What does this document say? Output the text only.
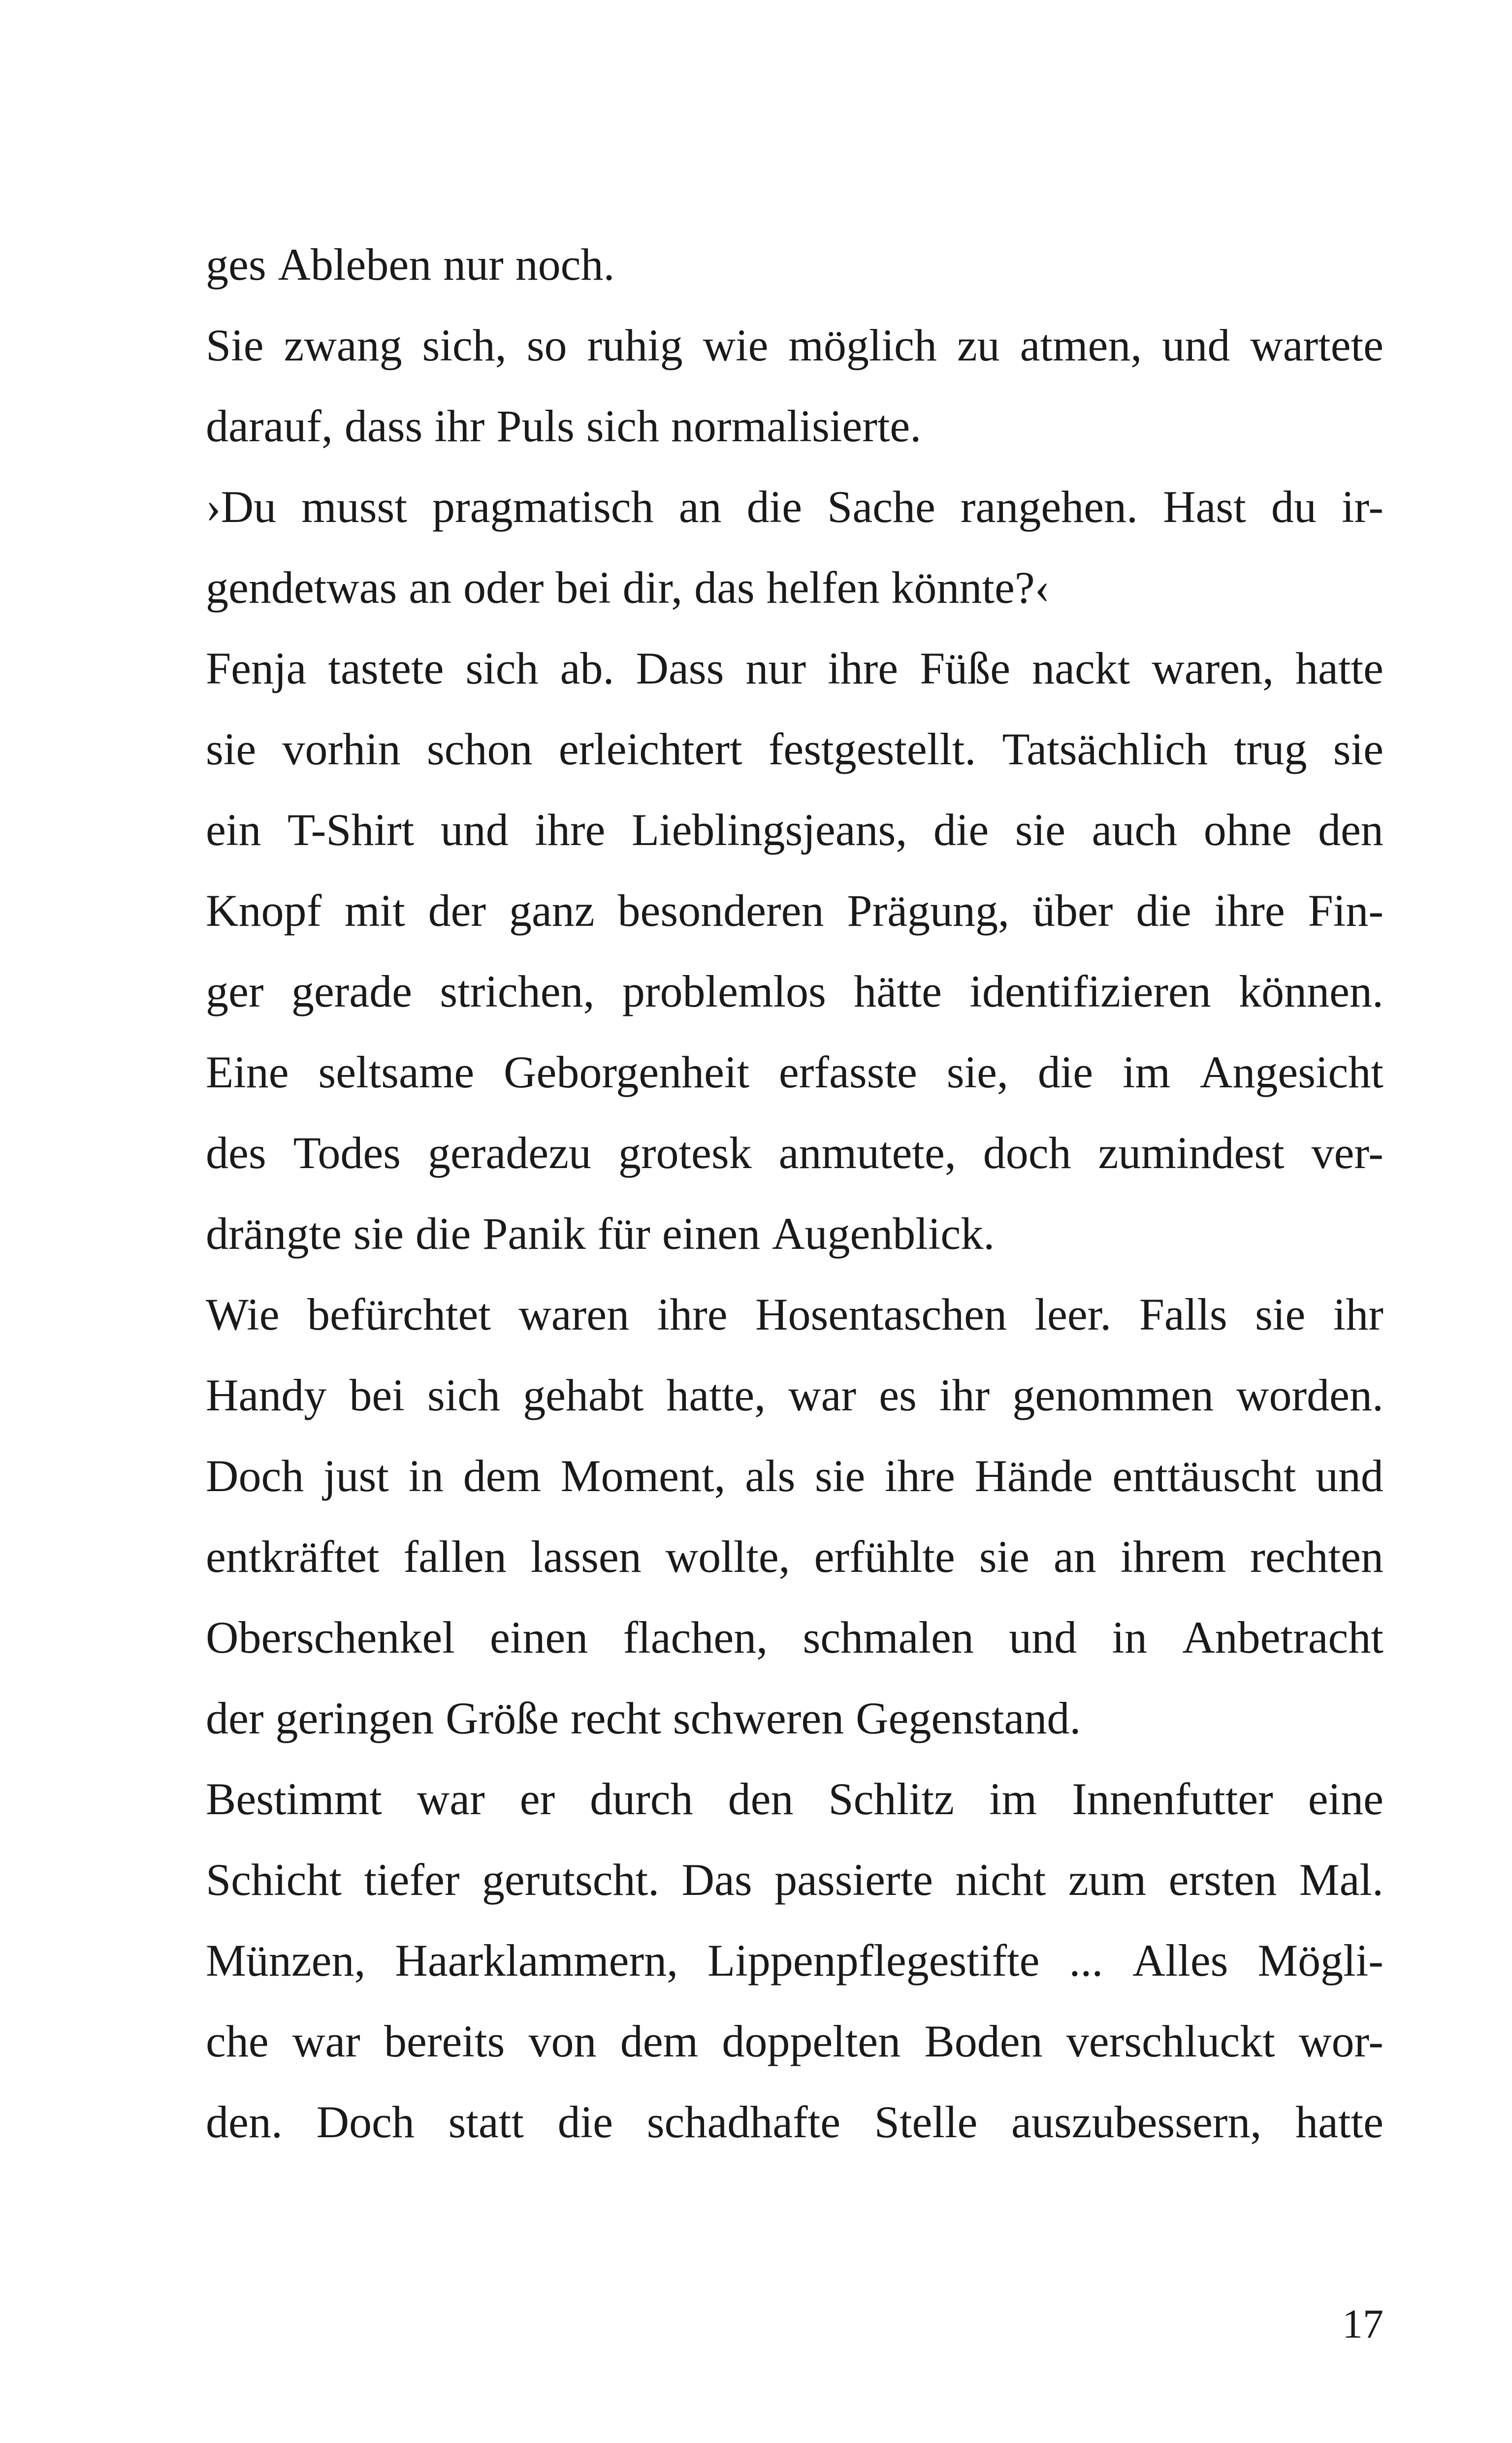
ges Ableben nur noch.
Sie zwang sich, so ruhig wie möglich zu atmen, und wartete
darauf, dass ihr Puls sich normalisierte.
›Du musst pragmatisch an die Sache rangehen. Hast du ir-
gendetwas an oder bei dir, das helfen könnte?‹
Fenja tastete sich ab. Dass nur ihre Füße nackt waren, hatte
sie vorhin schon erleichtert festgestellt. Tatsächlich trug sie
ein T-Shirt und ihre Lieblingsjeans, die sie auch ohne den
Knopf mit der ganz besonderen Prägung, über die ihre Fin-
ger gerade strichen, problemlos hätte identifizieren können.
Eine seltsame Geborgenheit erfasste sie, die im Angesicht
des Todes geradezu grotesk anmutete, doch zumindest ver-
drängte sie die Panik für einen Augenblick.
Wie befürchtet waren ihre Hosentaschen leer. Falls sie ihr
Handy bei sich gehabt hatte, war es ihr genommen worden.
Doch just in dem Moment, als sie ihre Hände enttäuscht und
entkräftet fallen lassen wollte, erfühlte sie an ihrem rechten
Oberschenkel einen flachen, schmalen und in Anbetracht
der geringen Größe recht schweren Gegenstand.
Bestimmt war er durch den Schlitz im Innenfutter eine
Schicht tiefer gerutscht. Das passierte nicht zum ersten Mal.
Münzen, Haarklammern, Lippenpflegestifte ... Alles Mögli-
che war bereits von dem doppelten Boden verschluckt wor-
den. Doch statt die schadhafte Stelle auszubessern, hatte
17
